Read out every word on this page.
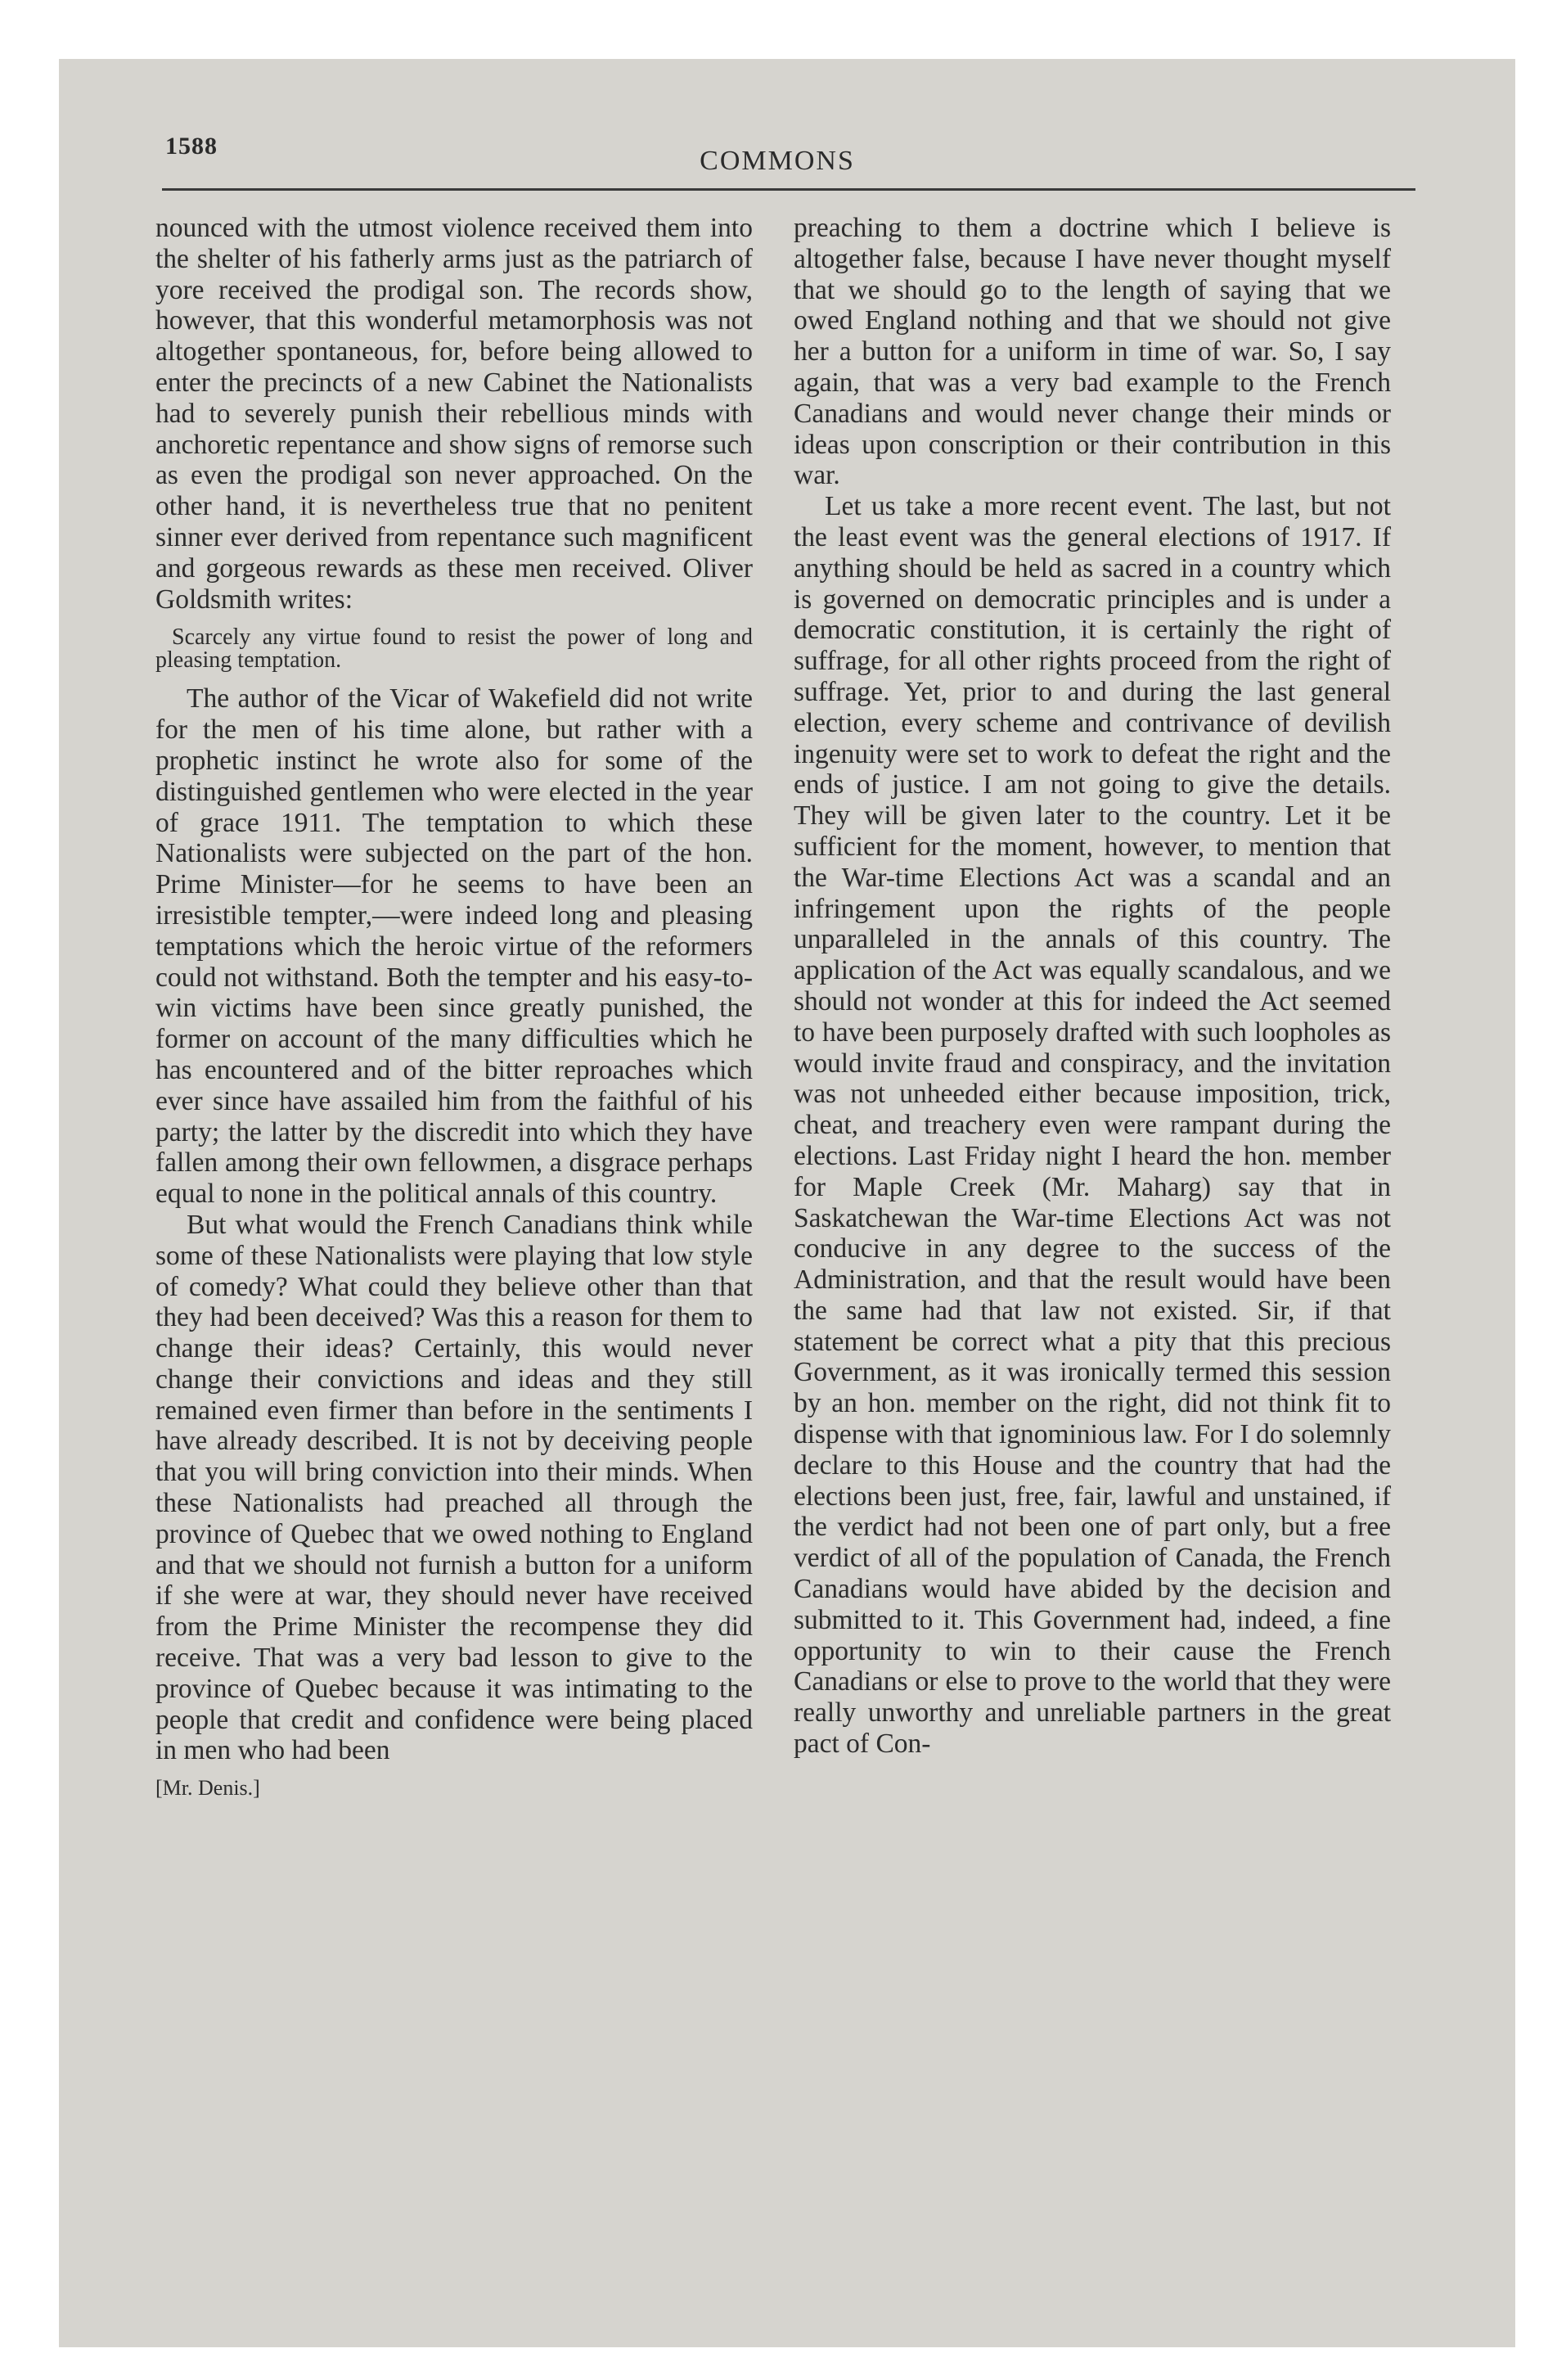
1588	COMMONS

nounced with the utmost violence received them into the shelter of his fatherly arms just as the patriarch of yore received the prodigal son. The records show, however, that this wonderful metamorphosis was not altogether spontaneous, for, before being allowed to enter the precincts of a new Cabinet the Nationalists had to severely punish their rebellious minds with anchoretic repentance and show signs of remorse such as even the prodigal son never approached. On the other hand, it is nevertheless true that no penitent sinner ever derived from repentance such magnificent and gorgeous rewards as these men received. Oliver Goldsmith writes:

Scarcely any virtue found to resist the power of long and pleasing temptation.

The author of the Vicar of Wakefield did not write for the men of his time alone, but rather with a prophetic instinct he wrote also for some of the distinguished gentlemen who were elected in the year of grace 1911. The temptation to which these Nationalists were subjected on the part of the hon. Prime Minister—for he seems to have been an irresistible tempter,—were indeed long and pleasing temptations which the heroic virtue of the reformers could not withstand. Both the tempter and his easy-to-win victims have been since greatly punished, the former on account of the many difficulties which he has encountered and of the bitter reproaches which ever since have assailed him from the faithful of his party; the latter by the discredit into which they have fallen among their own fellowmen, a disgrace perhaps equal to none in the political annals of this country.

But what would the French Canadians think while some of these Nationalists were playing that low style of comedy? What could they believe other than that they had been deceived? Was this a reason for them to change their ideas? Certainly, this would never change their convictions and ideas and they still remained even firmer than before in the sentiments I have already described. It is not by deceiving people that you will bring conviction into their minds. When these Nationalists had preached all through the province of Quebec that we owed nothing to England and that we should not furnish a button for a uniform if she were at war, they should never have received from the Prime Minister the recompense they did receive. That was a very bad lesson to give to the province of Quebec because it was intimating to the people that credit and confidence were being placed in men who had been

[Mr. Denis.]

preaching to them a doctrine which I believe is altogether false, because I have never thought myself that we should go to the length of saying that we owed England nothing and that we should not give her a button for a uniform in time of war. So, I say again, that was a very bad example to the French Canadians and would never change their minds or ideas upon conscription or their contribution in this war.

Let us take a more recent event. The last, but not the least event was the general elections of 1917. If anything should be held as sacred in a country which is governed on democratic principles and is under a democratic constitution, it is certainly the right of suffrage, for all other rights proceed from the right of suffrage. Yet, prior to and during the last general election, every scheme and contrivance of devilish ingenuity were set to work to defeat the right and the ends of justice. I am not going to give the details. They will be given later to the country. Let it be sufficient for the moment, however, to mention that the War-time Elections Act was a scandal and an infringement upon the rights of the people unparalleled in the annals of this country. The application of the Act was equally scandalous, and we should not wonder at this for indeed the Act seemed to have been purposely drafted with such loopholes as would invite fraud and conspiracy, and the invitation was not unheeded either because imposition, trick, cheat, and treachery even were rampant during the elections. Last Friday night I heard the hon. member for Maple Creek (Mr. Maharg) say that in Saskatchewan the War-time Elections Act was not conducive in any degree to the success of the Administration, and that the result would have been the same had that law not existed. Sir, if that statement be correct what a pity that this precious Government, as it was ironically termed this session by an hon. member on the right, did not think fit to dispense with that ignominious law. For I do solemnly declare to this House and the country that had the elections been just, free, fair, lawful and unstained, if the verdict had not been one of part only, but a free verdict of all of the population of Canada, the French Canadians would have abided by the decision and submitted to it. This Government had, indeed, a fine opportunity to win to their cause the French Canadians or else to prove to the world that they were really unworthy and unreliable partners in the great pact of Con-
